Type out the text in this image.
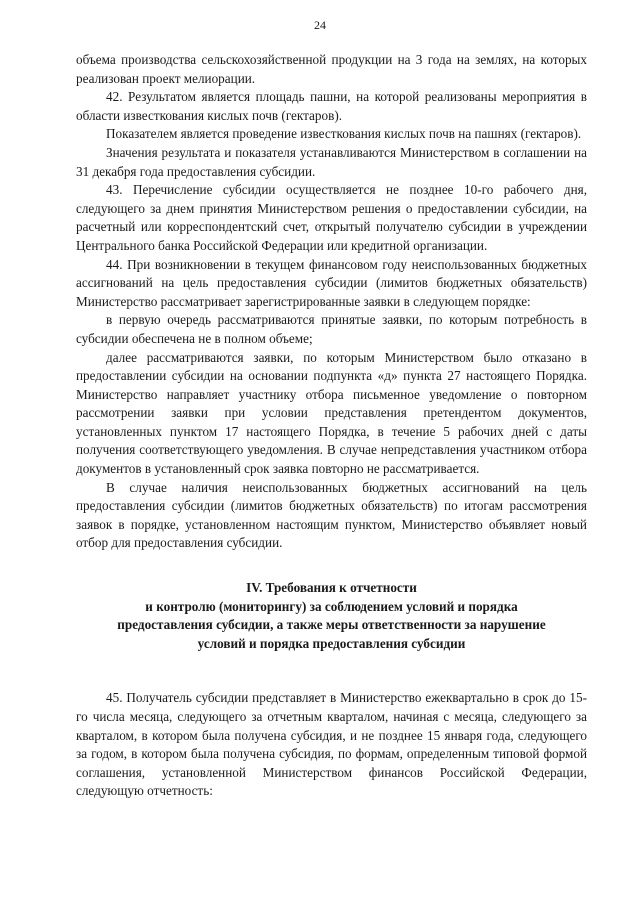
24

объема производства сельскохозяйственной продукции на 3 года на землях, на которых реализован проект мелиорации.

42. Результатом является площадь пашни, на которой реализованы мероприятия в области известкования кислых почв (гектаров).

Показателем является проведение известкования кислых почв на пашнях (гектаров).

Значения результата и показателя устанавливаются Министерством в соглашении на 31 декабря года предоставления субсидии.

43. Перечисление субсидии осуществляется не позднее 10-го рабочего дня, следующего за днем принятия Министерством решения о предоставлении субсидии, на расчетный или корреспондентский счет, открытый получателю субсидии в учреждении Центрального банка Российской Федерации или кредитной организации.

44. При возникновении в текущем финансовом году неиспользованных бюджетных ассигнований на цель предоставления субсидии (лимитов бюджетных обязательств) Министерство рассматривает зарегистрированные заявки в следующем порядке:

в первую очередь рассматриваются принятые заявки, по которым потребность в субсидии обеспечена не в полном объеме;

далее рассматриваются заявки, по которым Министерством было отказано в предоставлении субсидии на основании подпункта «д» пункта 27 настоящего Порядка. Министерство направляет участнику отбора письменное уведомление о повторном рассмотрении заявки при условии представления претендентом документов, установленных пунктом 17 настоящего Порядка, в течение 5 рабочих дней с даты получения соответствующего уведомления. В случае непредставления участником отбора документов в установленный срок заявка повторно не рассматривается.

В случае наличия неиспользованных бюджетных ассигнований на цель предоставления субсидии (лимитов бюджетных обязательств) по итогам рассмотрения заявок в порядке, установленном настоящим пунктом, Министерство объявляет новый отбор для предоставления субсидии.

IV. Требования к отчетности
и контролю (мониторингу) за соблюдением условий и порядка
предоставления субсидии, а также меры ответственности за нарушение
условий и порядка предоставления субсидии

45. Получатель субсидии представляет в Министерство ежеквартально в срок до 15-го числа месяца, следующего за отчетным кварталом, начиная с месяца, следующего за кварталом, в котором была получена субсидия, и не позднее 15 января года, следующего за годом, в котором была получена субсидия, по формам, определенным типовой формой соглашения, установленной Министерством финансов Российской Федерации, следующую отчетность:
